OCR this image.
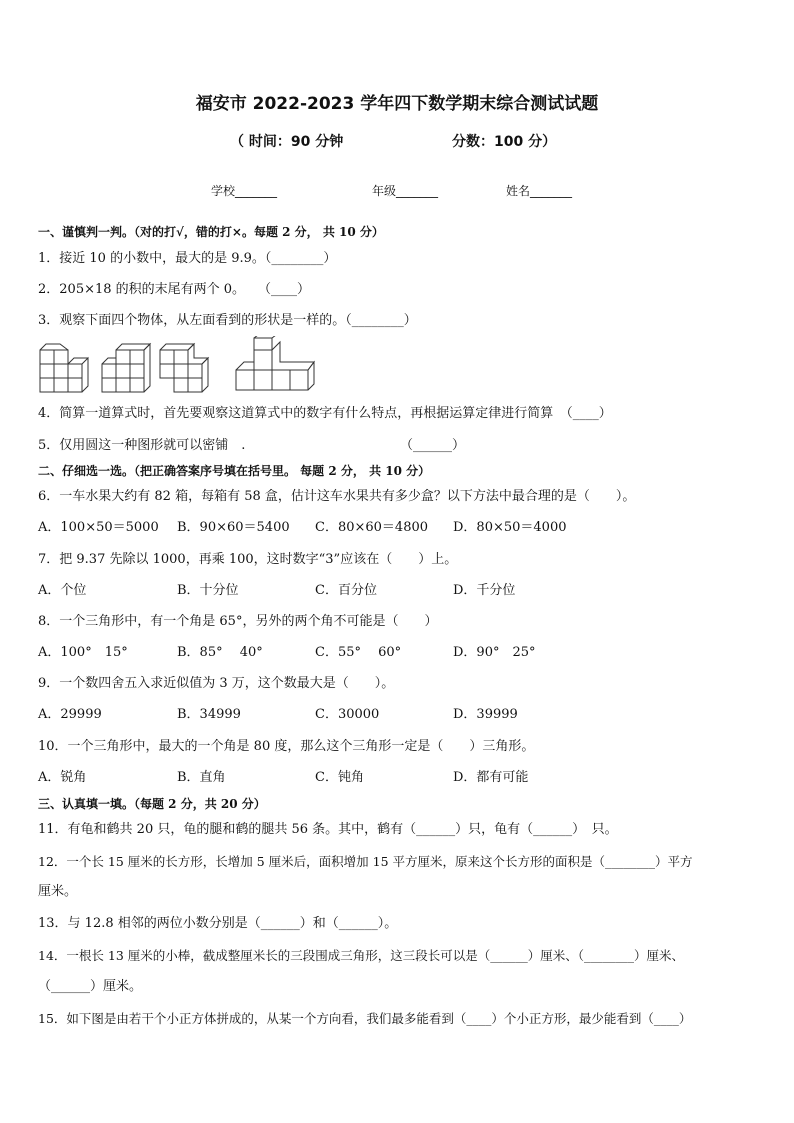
福安市 2022-2023 学年四下数学期末综合测试试题
（ 时间：90 分钟	分数：100 分）
学校_______	年级_______	姓名_______
一、谨慎判一判。（对的打√，错的打×。每题 2 分， 共 10 分）
1．接近 10 的小数中，最大的是 9.9。（________）
2．205×18 的积的末尾有两个 0。　　（____）
3．观察下面四个物体，从左面看到的形状是一样的。（________）
4．简算一道算式时，首先要观察这道算式中的数字有什么特点，再根据运算定律进行简算　（____）
5．仅用圆这一种图形就可以密铺　.	（______）
二、仔细选一选。（把正确答案序号填在括号里。 每题 2 分， 共 10 分）
6．一车水果大约有 82 箱，每箱有 58 盒，估计这车水果共有多少盒？以下方法中最合理的是（　　）。
A．100×50＝5000 B．90×60＝5400 C．80×60＝4800 D．80×50＝4000
7．把 9.37 先除以 1000，再乘 100，这时数字“3”应该在（　　）上。
A．个位	B．十分位	C．百分位	D．千分位
8．一个三角形中，有一个角是 65°，另外的两个角不可能是（　　）
A．100°　15°	B．85°　 40°	C．55°　 60°	D．90°　25°
9．一个数四舍五入求近似值为 3 万，这个数最大是（　　）。
A．29999	B．34999	C．30000	D．39999
10．一个三角形中，最大的一个角是 80 度，那么这个三角形一定是（　　）三角形。
A．锐角	B．直角	C．钝角	D．都有可能
三、认真填一填。（每题 2 分，共 20 分）
11．有龟和鹤共 20 只，龟的腿和鹤的腿共 56 条。其中，鹤有（______）只，龟有（______）　只。
12．一个长 15 厘米的长方形，长增加 5 厘米后，面积增加 15 平方厘米，原来这个长方形的面积是（________）平方
厘米。
13．与 12.8 相邻的两位小数分别是（______）和（______）。
14．一根长 13 厘米的小棒，截成整厘米长的三段围成三角形，这三段长可以是（______）厘米、（________）厘米、
（______）厘米。
15．如下图是由若干个小正方体拼成的，从某一个方向看，我们最多能看到（____）个小正方形，最少能看到（____）
